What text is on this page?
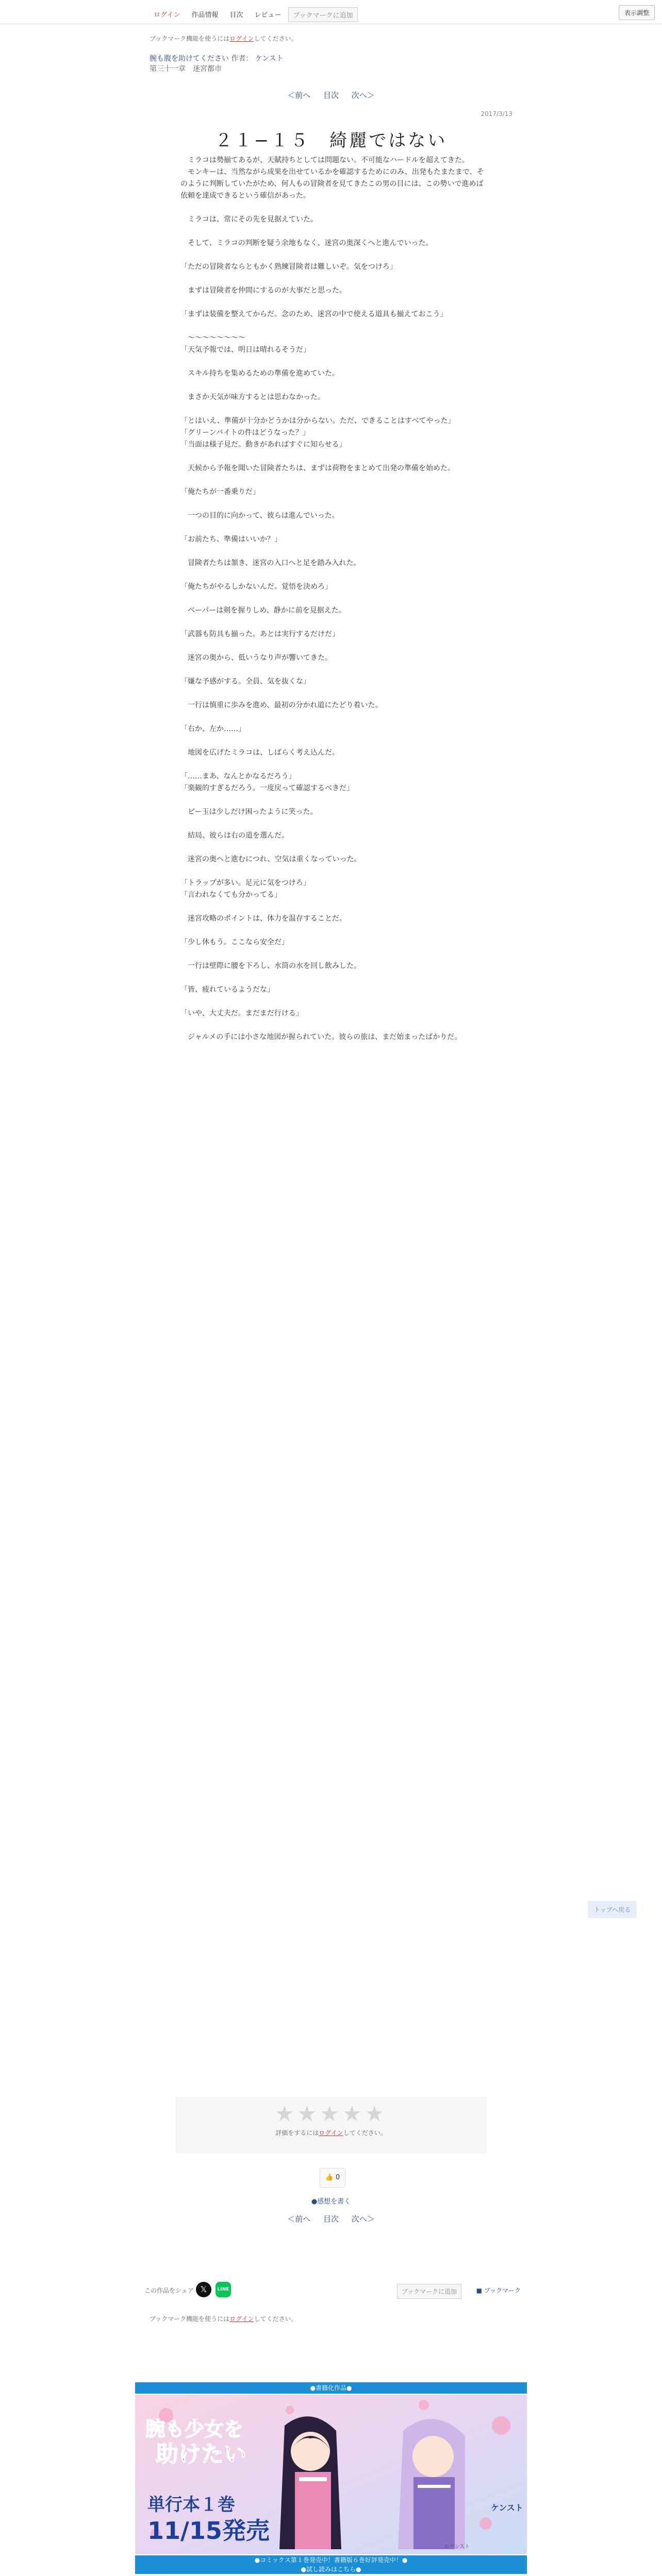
ログイン	作品情報	目次	レビュー	ブックマークに追加	表示調整
ブックマーク機能を使うにはログインしてください。
腕も腹を助けてください 作者： ケンスト
第三十一章　迷宮都市
＜前へ 目次 次へ＞
2017/3/13
２１−１５　綺麗ではない

　ミラコは勢揃てあるが、天賦持ちとしては問題ない。不可能なハードルを超えてきた。

　モンキーは、当然ながら成果を出せているかを確認するためにのみ、出発もたまたまで、そのように判断していたがため、何人もの冒険者を見てきたこの男の目には、この勢いで進めば依頼を達成できるという確信があった。

　ミラコは、常にその先を見据えていた。

　そして、ミラコの判断を疑う余地もなく、迷宮の奥深くへと進んでいった。

「ただの冒険者ならともかく熟練冒険者は難しいぞ。気をつけろ」

　まずは冒険者を仲間にするのが大事だと思った。

「まずは装備を整えてからだ。念のため、迷宮の中で使える道具も揃えておこう」

　〜〜〜〜〜〜〜〜

「天気予報では、明日は晴れるそうだ」

　スキル持ちを集めるための準備を進めていた。

　まさか天気が味方するとは思わなかった。

「とはいえ、準備が十分かどうかは分からない。ただ、できることはすべてやった」

「グリーンバイトの件はどうなった？」

「当面は様子見だ。動きがあればすぐに知らせる」

　天候から予報を聞いた冒険者たちは、まずは荷物をまとめて出発の準備を始めた。

「俺たちが一番乗りだ」

　一つの目的に向かって、彼らは進んでいった。

「お前たち、準備はいいか？」

　冒険者たちは頷き、迷宮の入口へと足を踏み入れた。

「俺たちがやるしかないんだ。覚悟を決めろ」

　ベーパーは剣を握りしめ、静かに前を見据えた。

「武器も防具も揃った。あとは実行するだけだ」

　迷宮の奥から、低いうなり声が響いてきた。

「嫌な予感がする。全員、気を抜くな」

　一行は慎重に歩みを進め、最初の分かれ道にたどり着いた。

「右か、左か……」

　地図を広げたミラコは、しばらく考え込んだ。

「……まあ、なんとかなるだろう」

「楽観的すぎるだろう。一度戻って確認するべきだ」

　ピー玉は少しだけ困ったように笑った。

　結局、彼らは右の道を選んだ。

　迷宮の奥へと進むにつれ、空気は重くなっていった。

「トラップが多い。足元に気をつけろ」

「言われなくても分かってる」

　迷宮攻略のポイントは、体力を温存することだ。

「少し休もう。ここなら安全だ」

　一行は壁際に腰を下ろし、水筒の水を回し飲みした。

「皆、疲れているようだな」

「いや、大丈夫だ。まだまだ行ける」

　ジャルメの手には小さな地図が握られていた。彼らの旅は、まだ始まったばかりだ。

トップへ戻る
★★★★★
評価をするにはログインしてください。
👍 0
●感想を書く
＜前へ 目次 次へ＞
この作品をシェア 𝕏	LINE	ブックマークに追加	■ ブックマーク
ブックマーク機能を使うにはログインしてください。
●書籍化作品●
腕も少女を
助けたい
単行本１巻
11/15発売
ケンスト
©ケンスト
●コミックス第１巻発売中！書籍版６巻好評発売中！●
●試し読みはこちら●
